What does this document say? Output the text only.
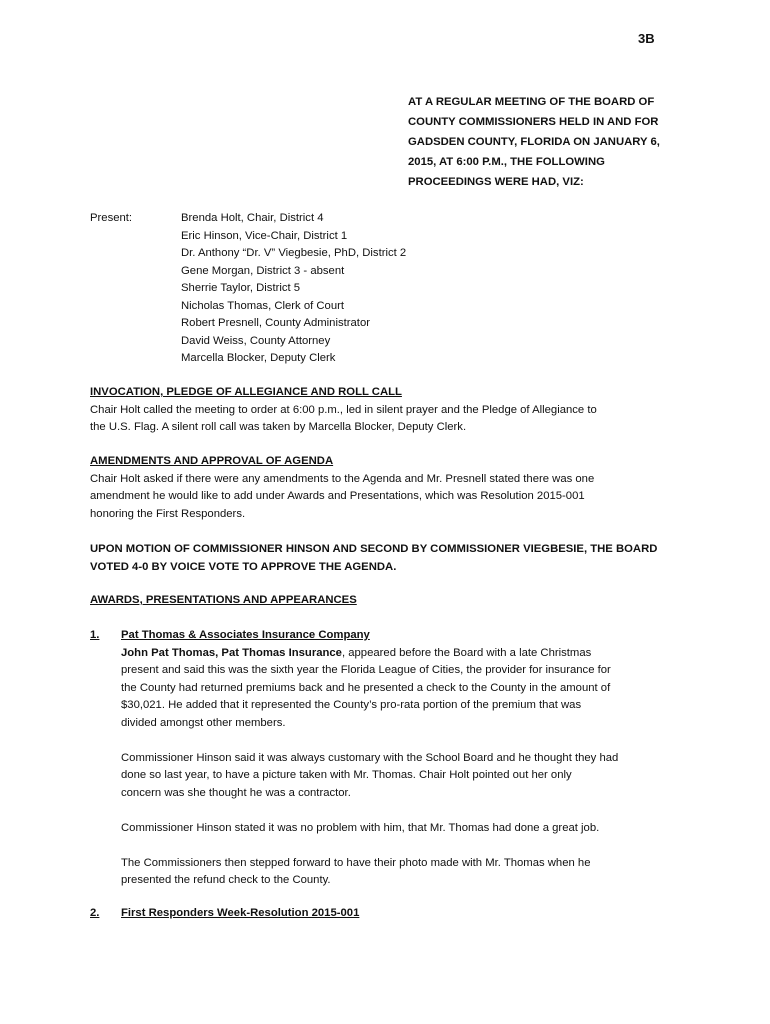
3B
AT A REGULAR MEETING OF THE BOARD OF
COUNTY COMMISSIONERS HELD IN AND FOR
GADSDEN COUNTY, FLORIDA ON JANUARY 6,
2015, AT 6:00 P.M., THE FOLLOWING
PROCEEDINGS WERE HAD, VIZ:
Present:	Brenda Holt, Chair, District 4
Eric Hinson, Vice-Chair, District 1
Dr. Anthony “Dr. V” Viegbesie, PhD, District 2
Gene Morgan, District 3 - absent
Sherrie Taylor, District 5
Nicholas Thomas, Clerk of Court
Robert Presnell, County Administrator
David Weiss, County Attorney
Marcella Blocker, Deputy Clerk

INVOCATION, PLEDGE OF ALLEGIANCE AND ROLL CALL

Chair Holt called the meeting to order at 6:00 p.m., led in silent prayer and the Pledge of Allegiance to

the U.S. Flag. A silent roll call was taken by Marcella Blocker, Deputy Clerk.

AMENDMENTS AND APPROVAL OF AGENDA

Chair Holt asked if there were any amendments to the Agenda and Mr. Presnell stated there was one

amendment he would like to add under Awards and Presentations, which was Resolution 2015-001

honoring the First Responders.

UPON MOTION OF COMMISSIONER HINSON AND SECOND BY COMMISSIONER VIEGBESIE, THE BOARD

VOTED 4-0 BY VOICE VOTE TO APPROVE THE AGENDA.

AWARDS, PRESENTATIONS AND APPEARANCES

1. Pat Thomas & Associates Insurance Company

John Pat Thomas, Pat Thomas Insurance, appeared before the Board with a late Christmas

present and said this was the sixth year the Florida League of Cities, the provider for insurance for

the County had returned premiums back and he presented a check to the County in the amount of

$30,021. He added that it represented the County’s pro-rata portion of the premium that was

divided amongst other members.

Commissioner Hinson said it was always customary with the School Board and he thought they had

done so last year, to have a picture taken with Mr. Thomas. Chair Holt pointed out her only

concern was she thought he was a contractor.

Commissioner Hinson stated it was no problem with him, that Mr. Thomas had done a great job.

The Commissioners then stepped forward to have their photo made with Mr. Thomas when he

presented the refund check to the County.

2. First Responders Week-Resolution 2015-001
